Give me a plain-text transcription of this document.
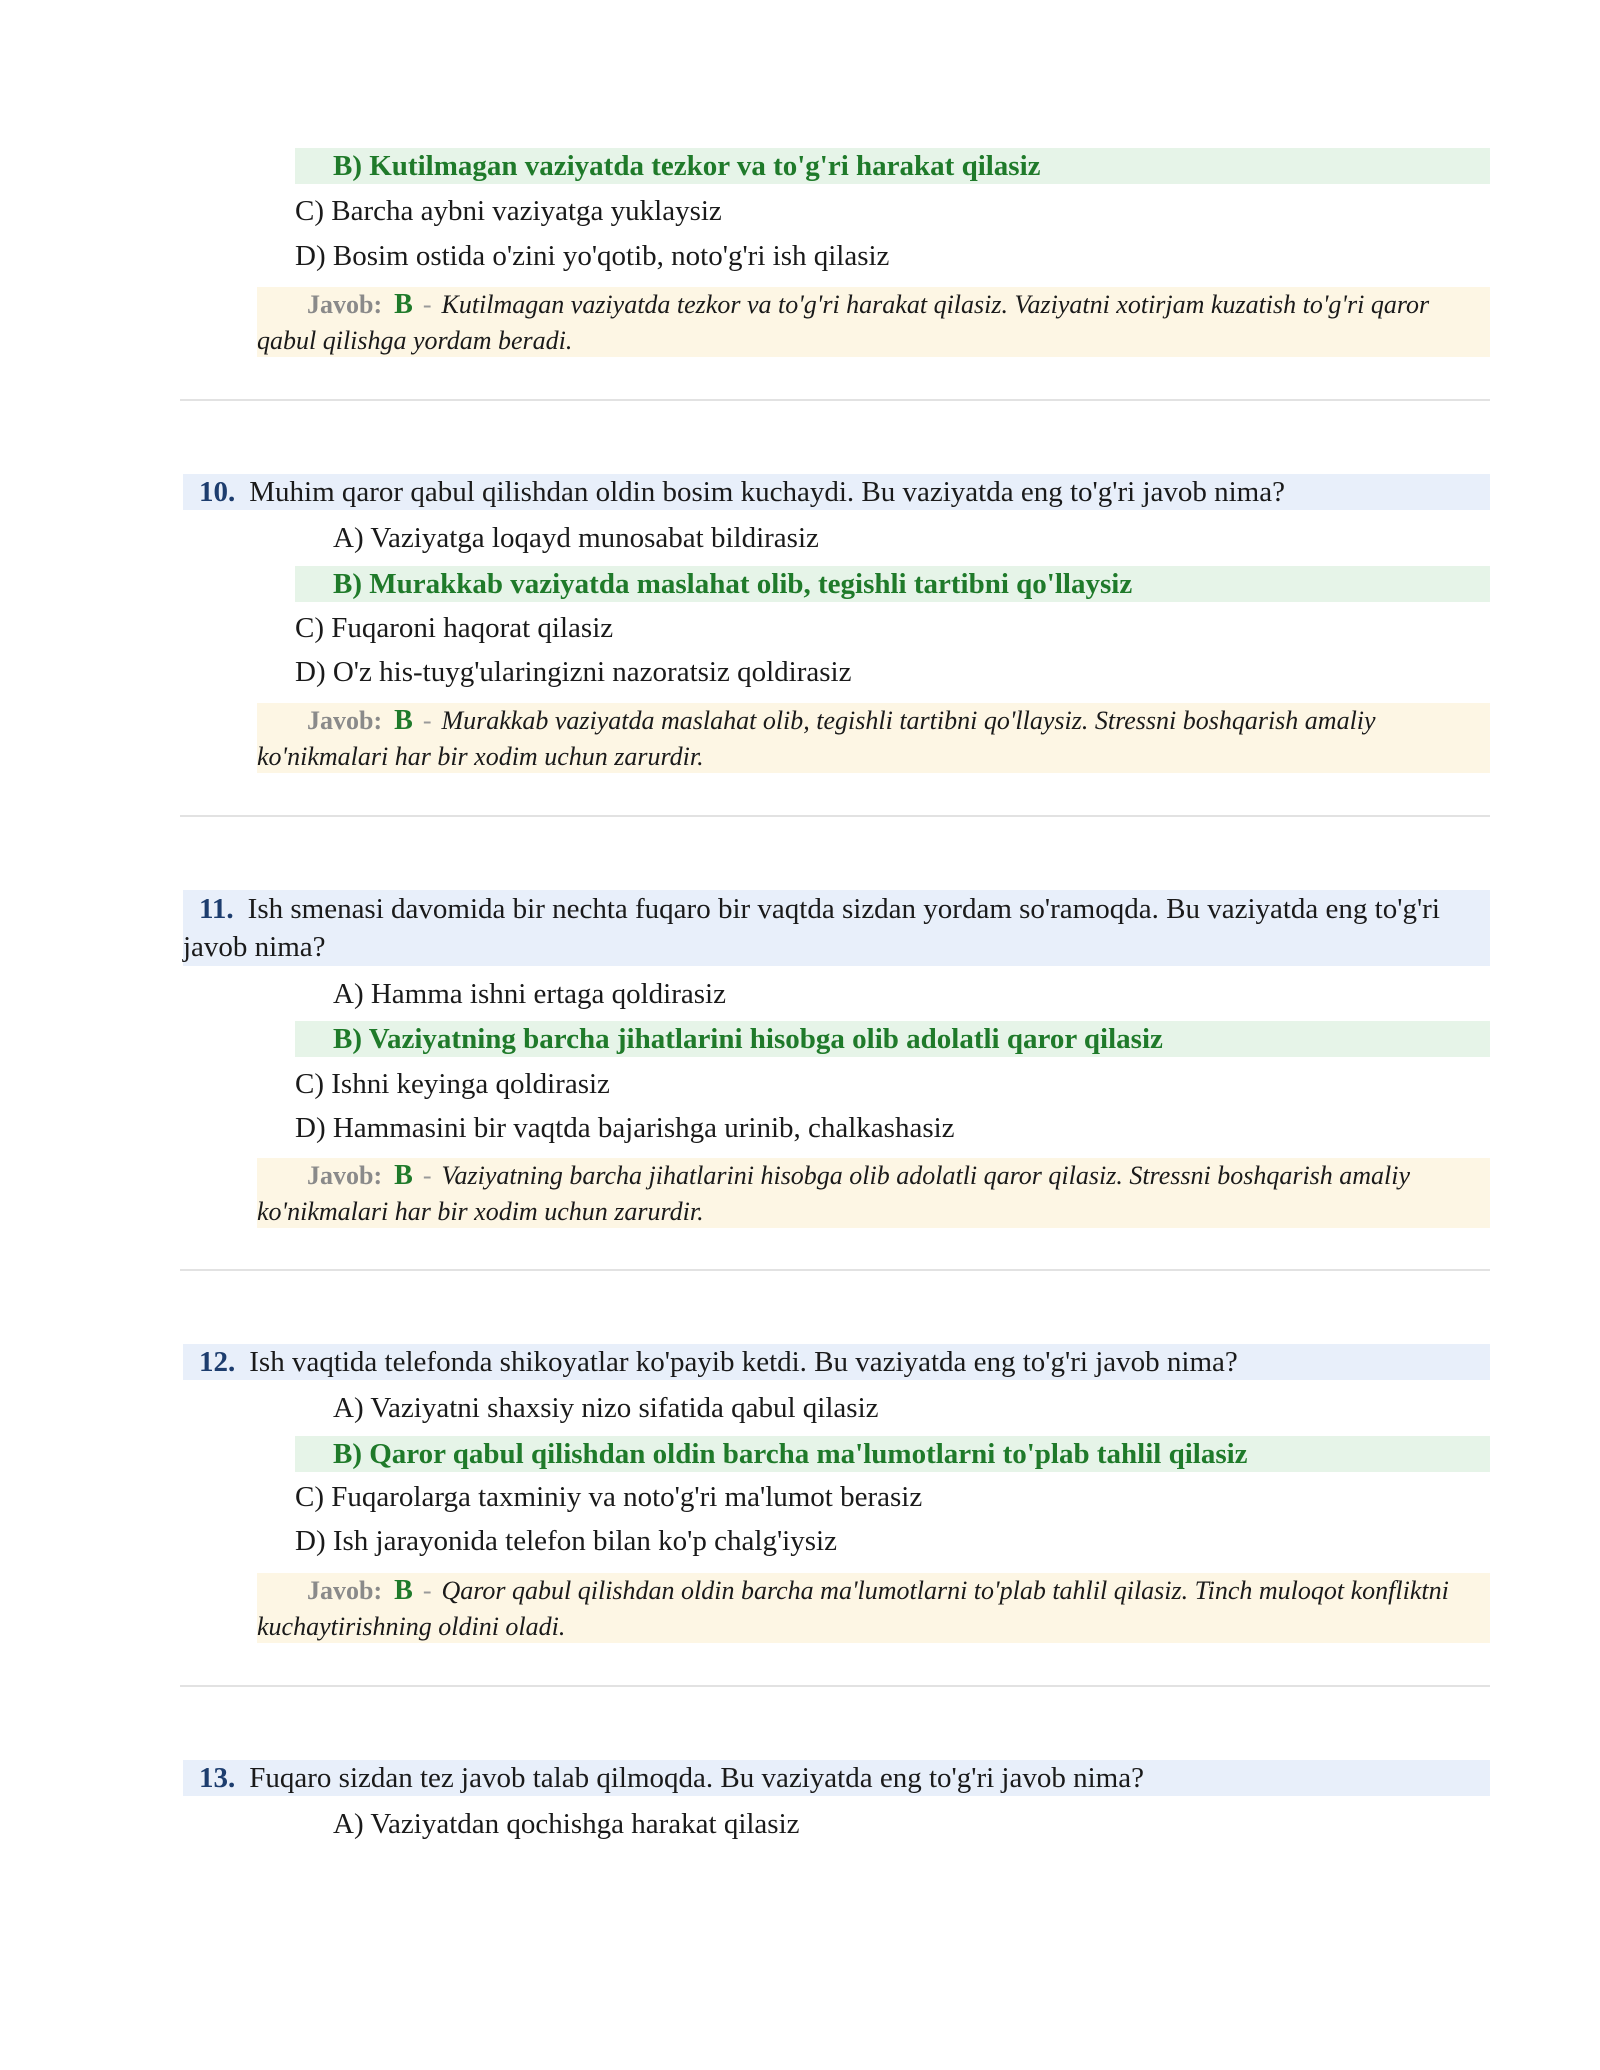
B) Kutilmagan vaziyatda tezkor va to'g'ri harakat qilasiz
C) Barcha aybni vaziyatga yuklaysiz
D) Bosim ostida o'zini yo'qotib, noto'g'ri ish qilasiz
Javob: B - Kutilmagan vaziyatda tezkor va to'g'ri harakat qilasiz. Vaziyatni xotirjam kuzatish to'g'ri qaror qabul qilishga yordam beradi.
10. Muhim qaror qabul qilishdan oldin bosim kuchaydi. Bu vaziyatda eng to'g'ri javob nima?
A) Vaziyatga loqayd munosabat bildirasiz
B) Murakkab vaziyatda maslahat olib, tegishli tartibni qo'llaysiz
C) Fuqaroni haqorat qilasiz
D) O'z his-tuyg'ularingizni nazoratsiz qoldirasiz
Javob: B - Murakkab vaziyatda maslahat olib, tegishli tartibni qo'llaysiz. Stressni boshqarish amaliy ko'nikmalari har bir xodim uchun zarurdir.
11. Ish smenasi davomida bir nechta fuqaro bir vaqtda sizdan yordam so'ramoqda. Bu vaziyatda eng to'g'ri javob nima?
A) Hamma ishni ertaga qoldirasiz
B) Vaziyatning barcha jihatlarini hisobga olib adolatli qaror qilasiz
C) Ishni keyinga qoldirasiz
D) Hammasini bir vaqtda bajarishga urinib, chalkashasiz
Javob: B - Vaziyatning barcha jihatlarini hisobga olib adolatli qaror qilasiz. Stressni boshqarish amaliy ko'nikmalari har bir xodim uchun zarurdir.
12. Ish vaqtida telefonda shikoyatlar ko'payib ketdi. Bu vaziyatda eng to'g'ri javob nima?
A) Vaziyatni shaxsiy nizo sifatida qabul qilasiz
B) Qaror qabul qilishdan oldin barcha ma'lumotlarni to'plab tahlil qilasiz
C) Fuqarolarga taxminiy va noto'g'ri ma'lumot berasiz
D) Ish jarayonida telefon bilan ko'p chalg'iysiz
Javob: B - Qaror qabul qilishdan oldin barcha ma'lumotlarni to'plab tahlil qilasiz. Tinch muloqot konfliktni kuchaytirishning oldini oladi.
13. Fuqaro sizdan tez javob talab qilmoqda. Bu vaziyatda eng to'g'ri javob nima?
A) Vaziyatdan qochishga harakat qilasiz
